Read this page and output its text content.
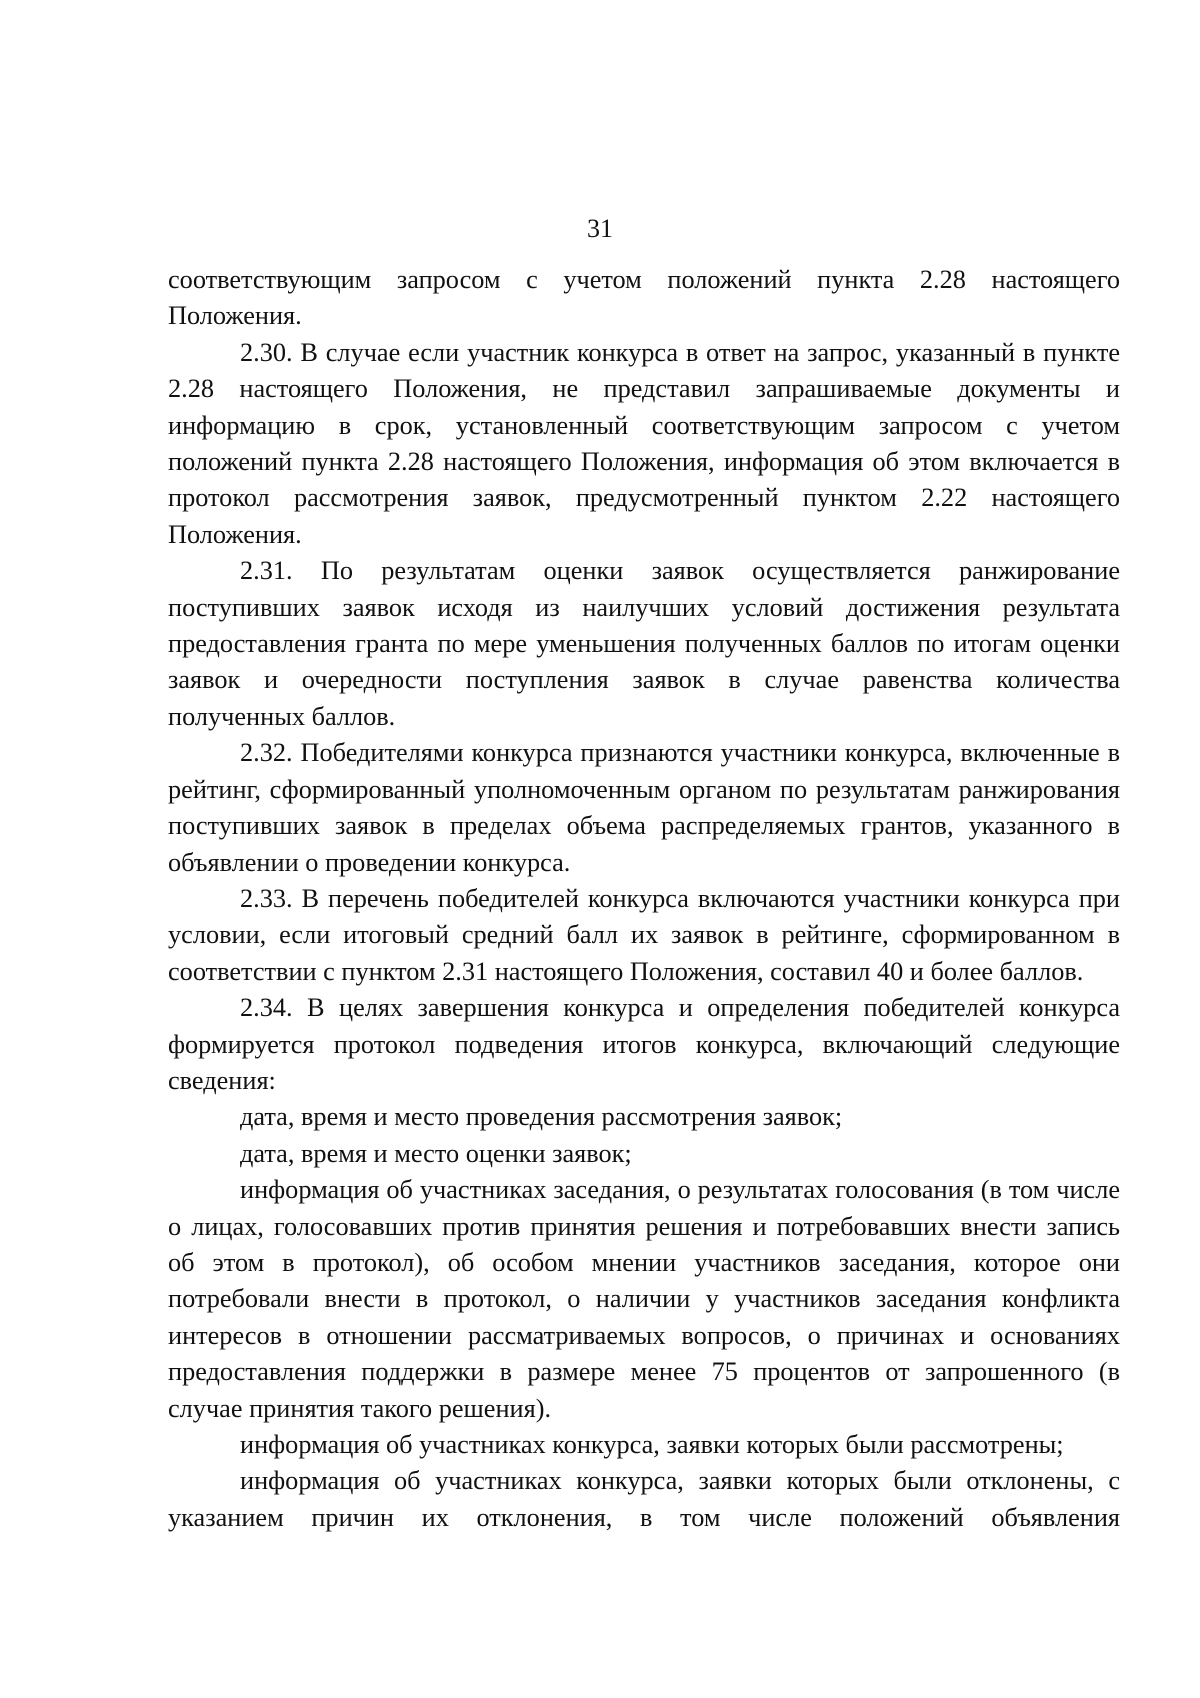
31

соответствующим запросом с учетом положений пункта 2.28 настоящего Положения.

2.30. В случае если участник конкурса в ответ на запрос, указанный в пункте 2.28 настоящего Положения, не представил запрашиваемые документы и информацию в срок, установленный соответствующим запросом с учетом положений пункта 2.28 настоящего Положения, информация об этом включается в протокол рассмотрения заявок, предусмотренный пунктом 2.22 настоящего Положения.

2.31. По результатам оценки заявок осуществляется ранжирование поступивших заявок исходя из наилучших условий достижения результата предоставления гранта по мере уменьшения полученных баллов по итогам оценки заявок и очередности поступления заявок в случае равенства количества полученных баллов.

2.32. Победителями конкурса признаются участники конкурса, включенные в рейтинг, сформированный уполномоченным органом по результатам ранжирования поступивших заявок в пределах объема распределяемых грантов, указанного в объявлении о проведении конкурса.

2.33. В перечень победителей конкурса включаются участники конкурса при условии, если итоговый средний балл их заявок в рейтинге, сформированном в соответствии с пунктом 2.31 настоящего Положения, составил 40 и более баллов.

2.34. В целях завершения конкурса и определения победителей конкурса формируется протокол подведения итогов конкурса, включающий следующие сведения:

дата, время и место проведения рассмотрения заявок;

дата, время и место оценки заявок;

информация об участниках заседания, о результатах голосования (в том числе о лицах, голосовавших против принятия решения и потребовавших внести запись об этом в протокол), об особом мнении участников заседания, которое они потребовали внести в протокол, о наличии у участников заседания конфликта интересов в отношении рассматриваемых вопросов, о причинах и основаниях предоставления поддержки в размере менее 75 процентов от запрошенного (в случае принятия такого решения).

информация об участниках конкурса, заявки которых были рассмотрены;

информация об участниках конкурса, заявки которых были отклонены, с указанием причин их отклонения, в том числе положений объявления
